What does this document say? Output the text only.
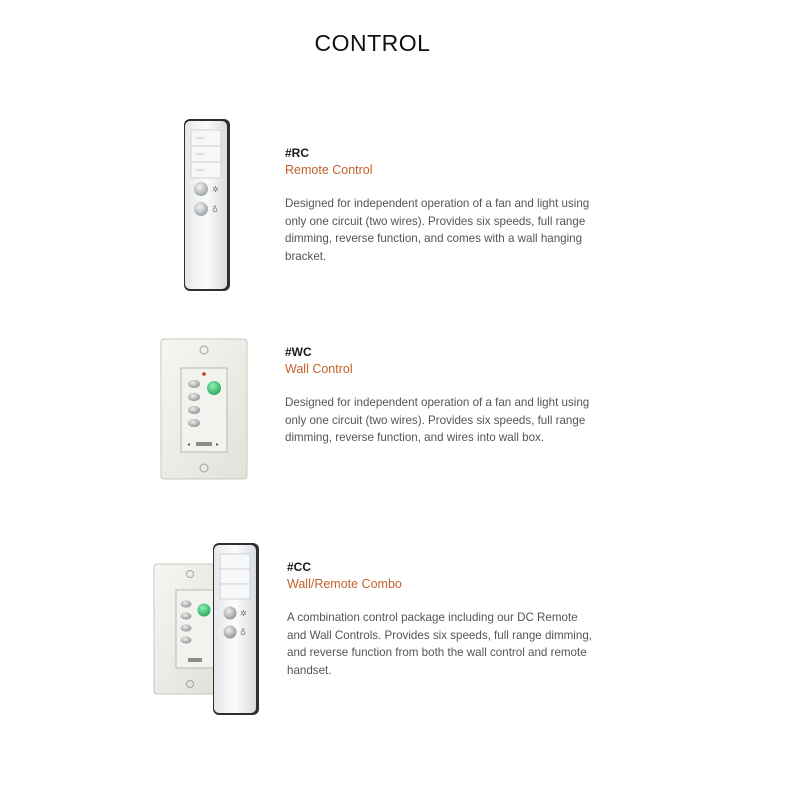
CONTROL
✲
♁
#RC
Remote Control
Designed for independent operation of a fan and light using only one circuit (two wires). Provides six speeds, full range dimming, reverse function, and comes with a wall hanging bracket.
◂	▸
#WC
Wall Control
Designed for independent operation of a fan and light using only one circuit (two wires). Provides six speeds, full range dimming, reverse function, and wires into wall box.
✲
♁
#CC
Wall/Remote Combo
A combination control package including our DC Remote and Wall Controls. Provides six speeds, full range dimming, and reverse function from both the wall control and remote handset.
